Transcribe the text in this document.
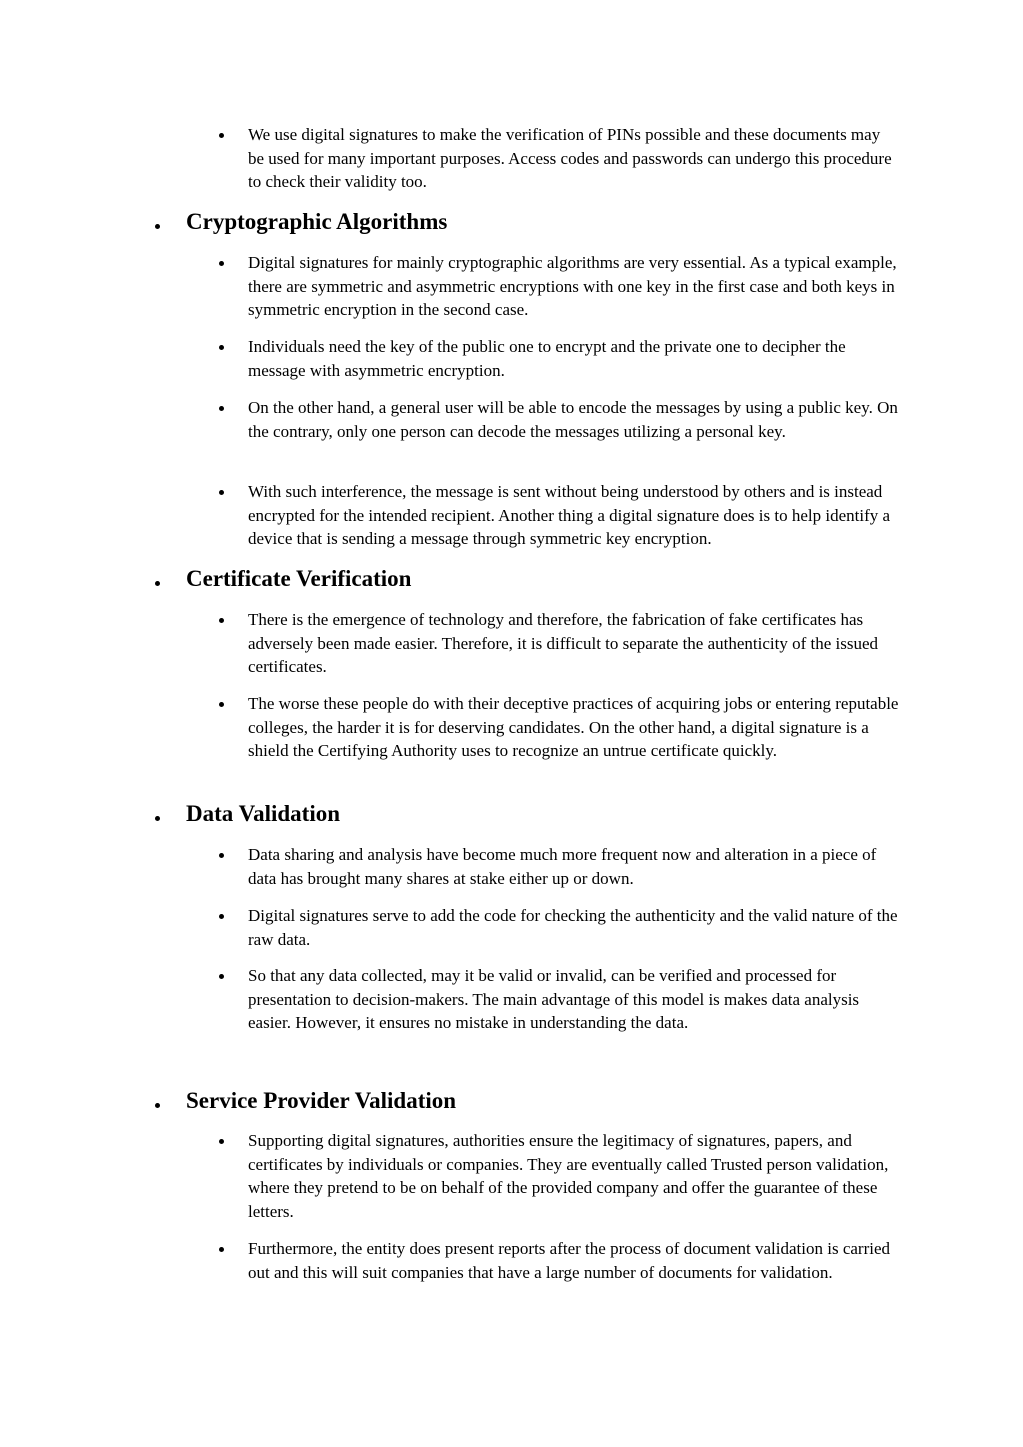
We use digital signatures to make the verification of PINs possible and these documents may be used for many important purposes. Access codes and passwords can undergo this procedure to check their validity too.

Cryptographic Algorithms

Digital signatures for mainly cryptographic algorithms are very essential. As a typical example, there are symmetric and asymmetric encryptions with one key in the first case and both keys in symmetric encryption in the second case.

Individuals need the key of the public one to encrypt and the private one to decipher the message with asymmetric encryption.

On the other hand, a general user will be able to encode the messages by using a public key. On the contrary, only one person can decode the messages utilizing a personal key.

With such interference, the message is sent without being understood by others and is instead encrypted for the intended recipient. Another thing a digital signature does is to help identify a device that is sending a message through symmetric key encryption.

Certificate Verification

There is the emergence of technology and therefore, the fabrication of fake certificates has adversely been made easier. Therefore, it is difficult to separate the authenticity of the issued certificates.

The worse these people do with their deceptive practices of acquiring jobs or entering reputable colleges, the harder it is for deserving candidates. On the other hand, a digital signature is a shield the Certifying Authority uses to recognize an untrue certificate quickly.

Data Validation

Data sharing and analysis have become much more frequent now and alteration in a piece of data has brought many shares at stake either up or down.

Digital signatures serve to add the code for checking the authenticity and the valid nature of the raw data.

So that any data collected, may it be valid or invalid, can be verified and processed for presentation to decision-makers. The main advantage of this model is makes data analysis easier. However, it ensures no mistake in understanding the data.

Service Provider Validation

Supporting digital signatures, authorities ensure the legitimacy of signatures, papers, and certificates by individuals or companies. They are eventually called Trusted person validation, where they pretend to be on behalf of the provided company and offer the guarantee of these letters.

Furthermore, the entity does present reports after the process of document validation is carried out and this will suit companies that have a large number of documents for validation.
